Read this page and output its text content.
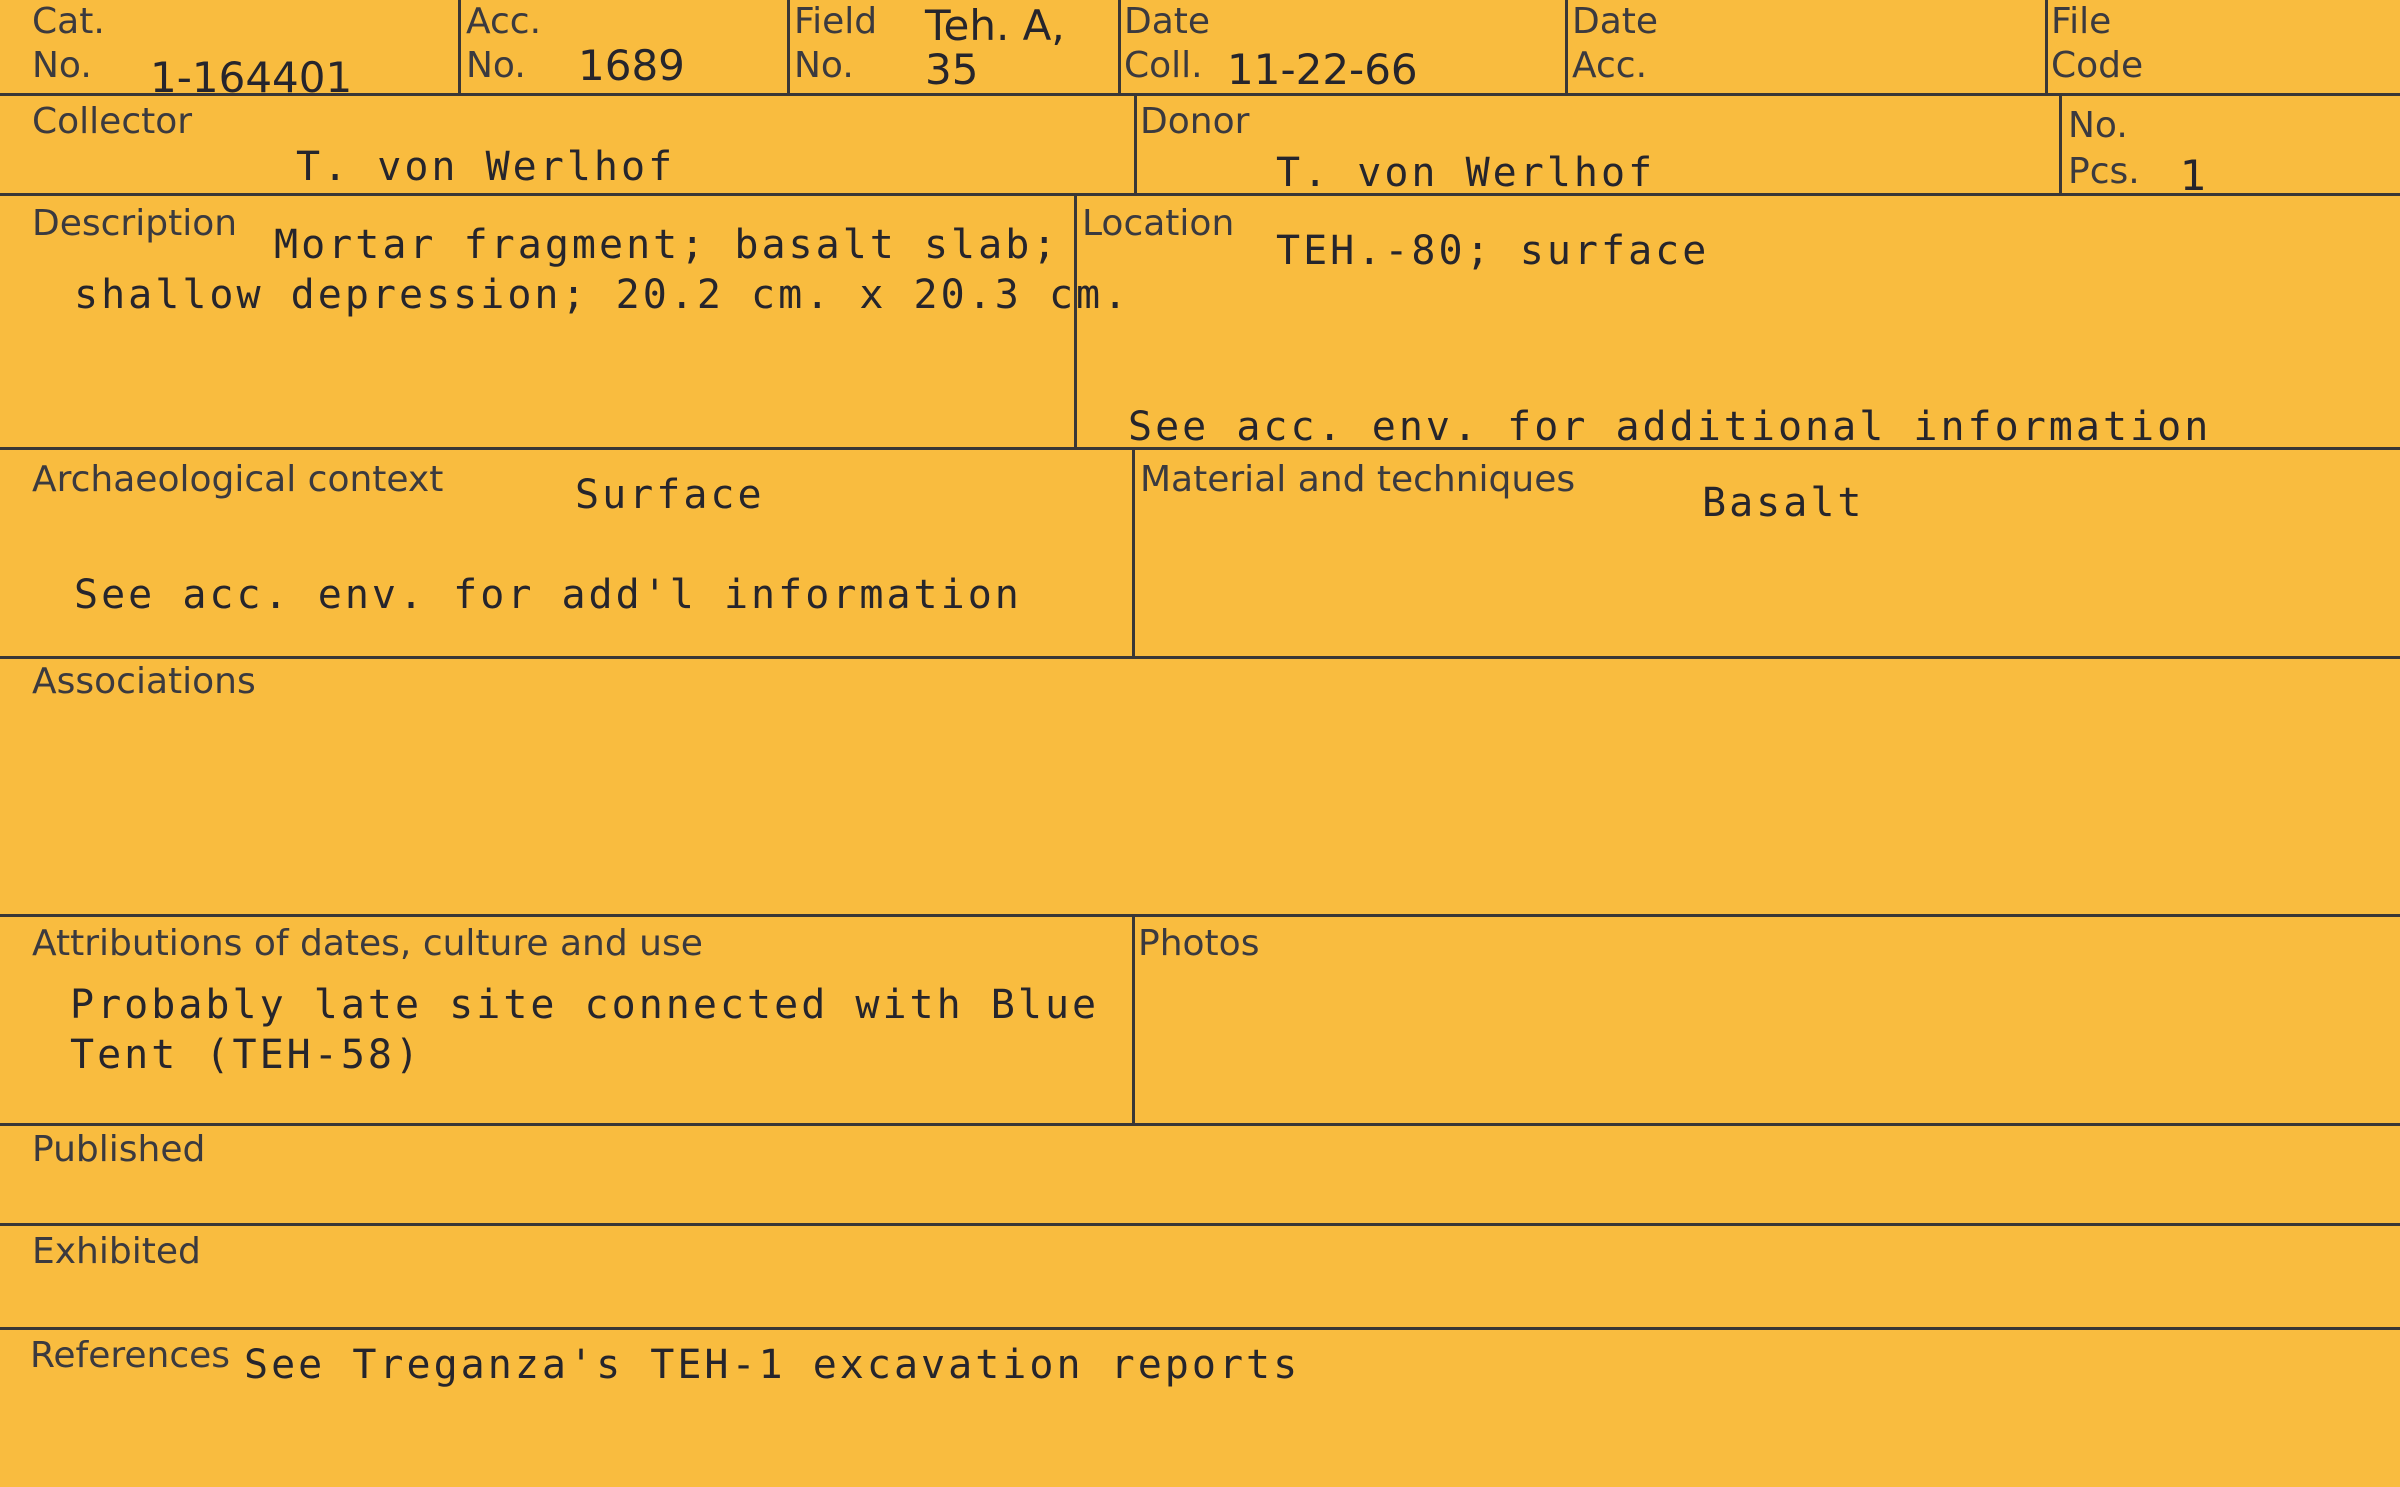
Cat.
No. 1-164401
Acc.
No. 1689
Field
No.
Teh. A,
35
Date
Coll. 11-22-66
Date
Acc.
File
Code
Collector
T. von Werlhof
Donor
T. von Werlhof
No.
Pcs. 1
Description Mortar fragment; basalt slab;
shallow depression; 20.2 cm. x 20.3 cm.
Location
TEH.-80; surface
See acc. env. for additional information
Archaeological context	Surface
See acc. env. for add'l information
Material and techniques
Basalt
Associations
Attributions of dates, culture and use
Probably late site connected with Blue
Tent (TEH-58)
Photos
Published
Exhibited
References See Treganza's TEH-1 excavation reports
